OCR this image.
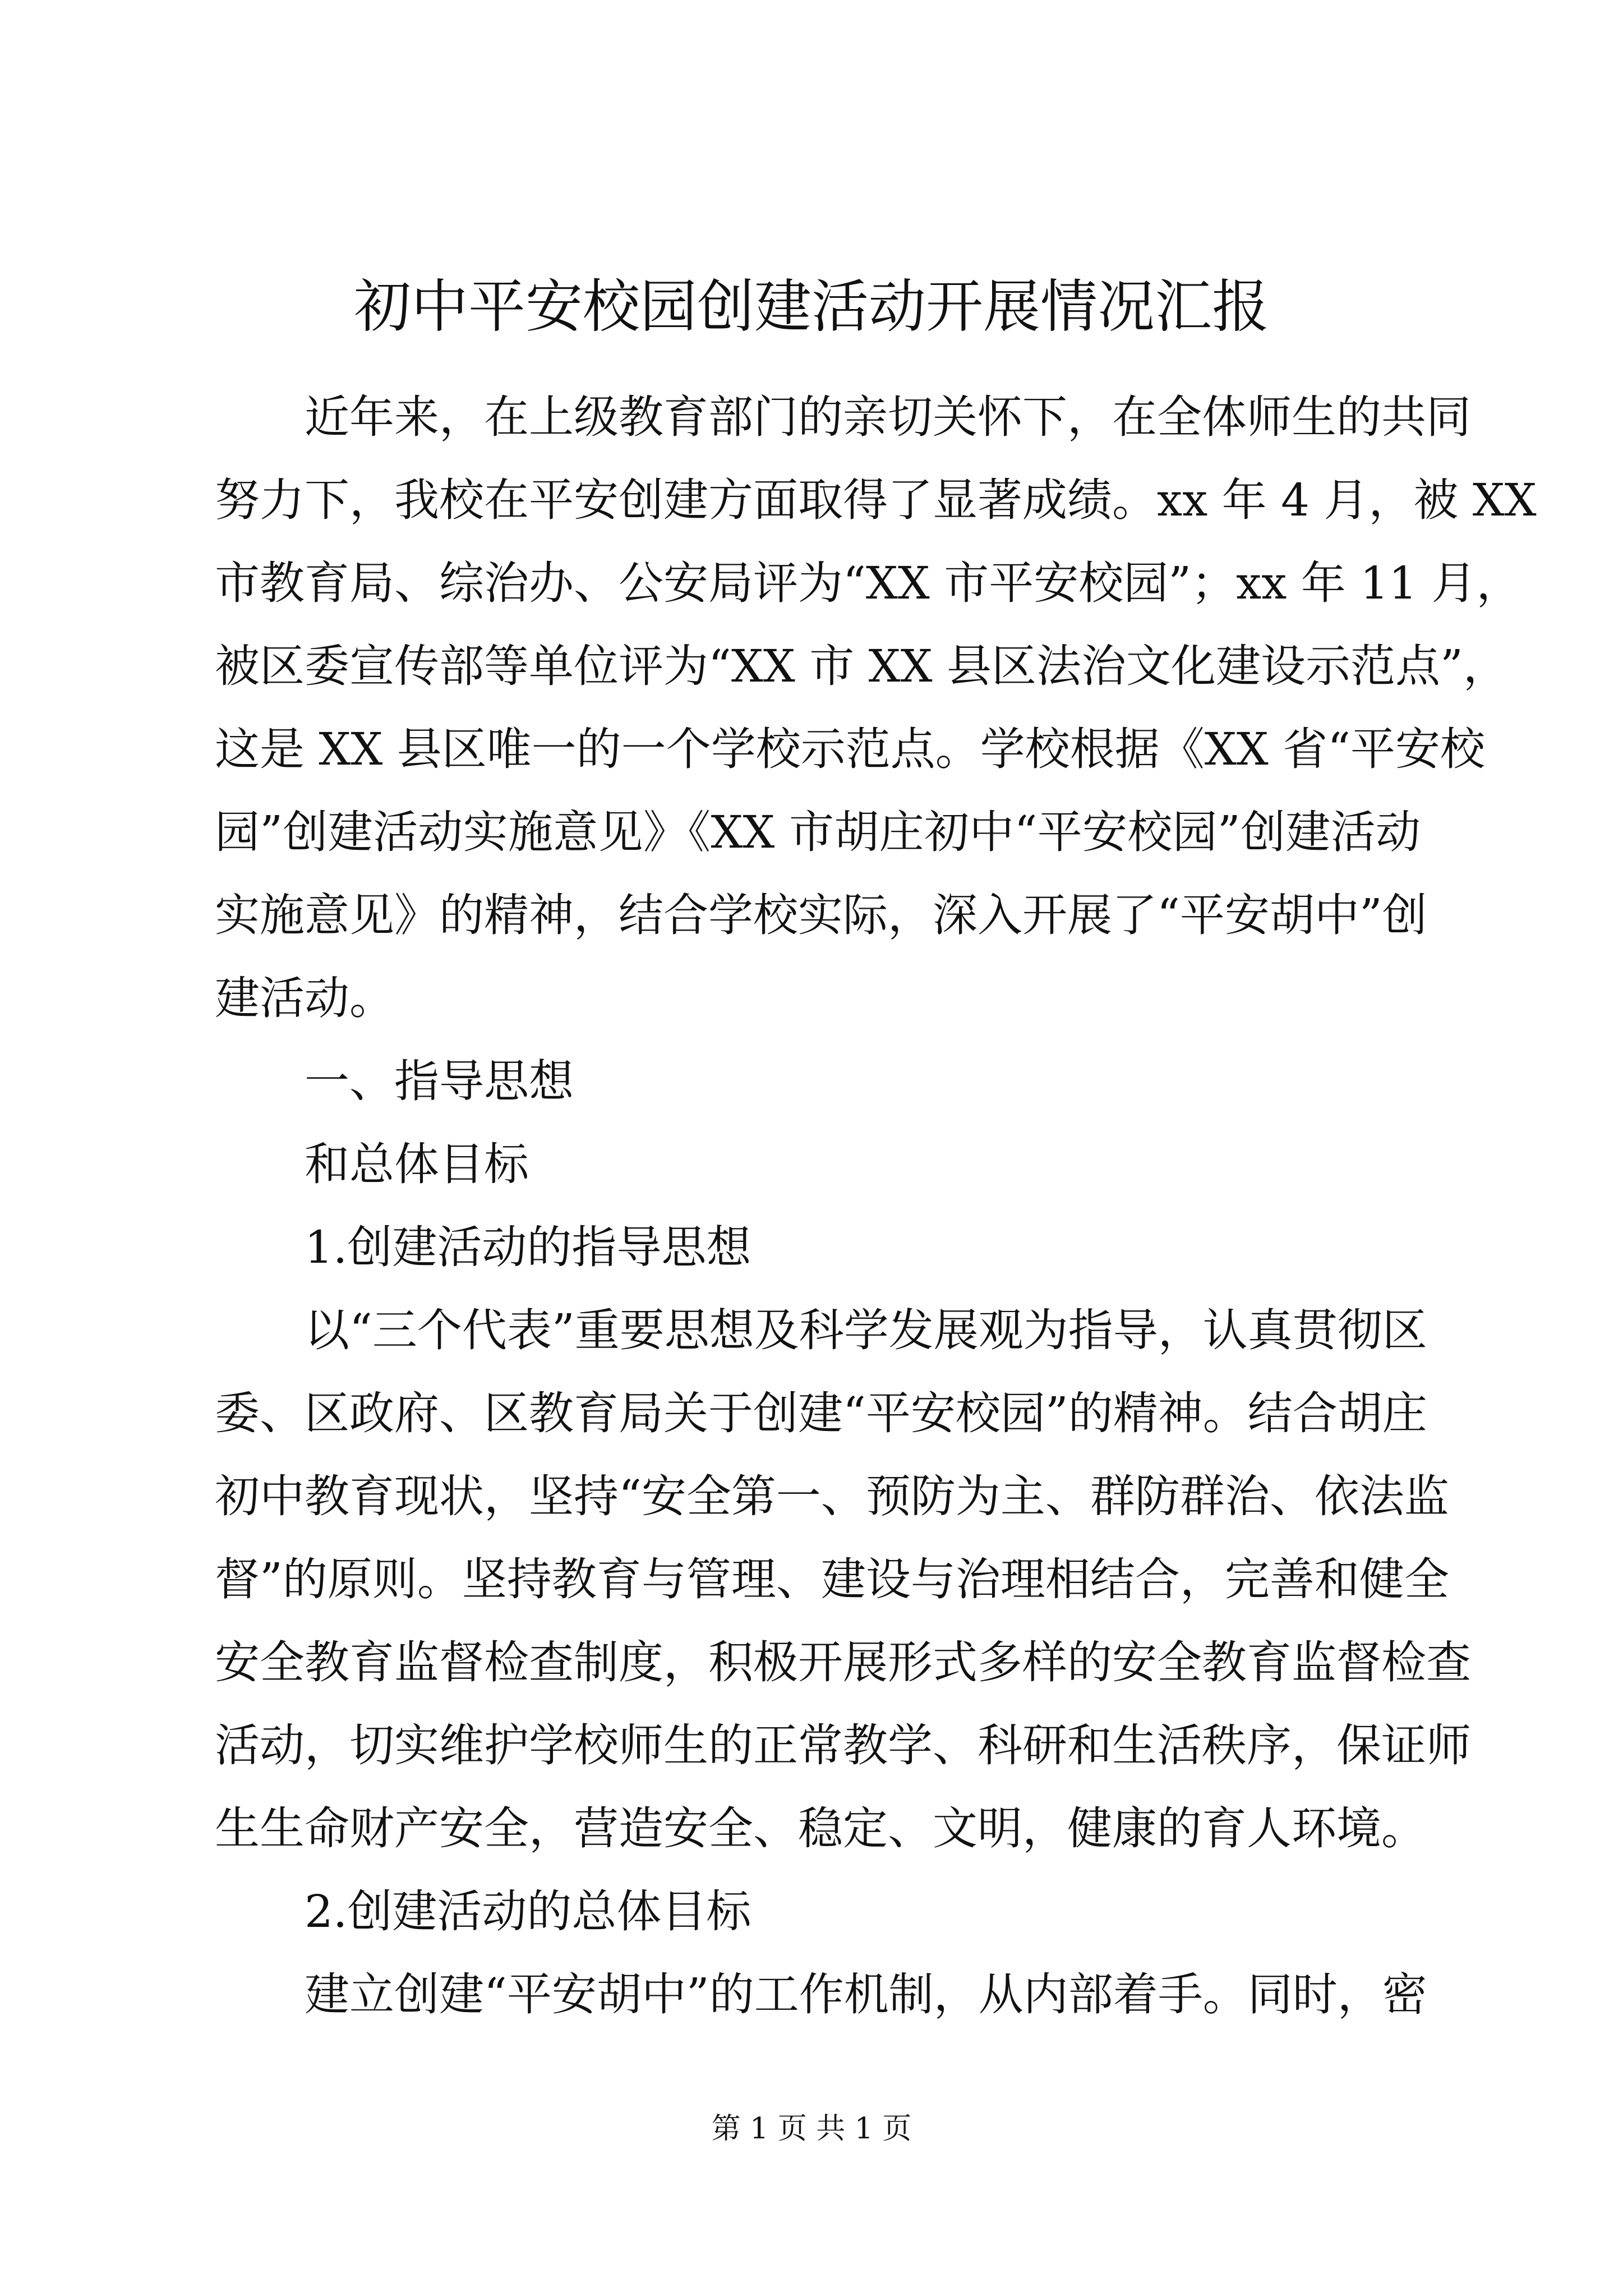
初中平安校园创建活动开展情况汇报
近年来，在上级教育部门的亲切关怀下，在全体师生的共同
努力下，我校在平安创建方面取得了显著成绩。xx 年 4 月，被 XX
市教育局、综治办、公安局评为“XX 市平安校园”；xx 年 11 月，
被区委宣传部等单位评为“XX 市 XX 县区法治文化建设示范点”，
这是 XX 县区唯一的一个学校示范点。学校根据《XX 省“平安校
园”创建活动实施意见》《XX 市胡庄初中“平安校园”创建活动
实施意见》的精神，结合学校实际，深入开展了“平安胡中”创
建活动。
一、指导思想
和总体目标
1.创建活动的指导思想
以“三个代表”重要思想及科学发展观为指导，认真贯彻区
委、区政府、区教育局关于创建“平安校园”的精神。结合胡庄
初中教育现状，坚持“安全第一、预防为主、群防群治、依法监
督”的原则。坚持教育与管理、建设与治理相结合，完善和健全
安全教育监督检查制度，积极开展形式多样的安全教育监督检查
活动，切实维护学校师生的正常教学、科研和生活秩序，保证师
生生命财产安全，营造安全、稳定、文明，健康的育人环境。
2.创建活动的总体目标
建立创建“平安胡中”的工作机制，从内部着手。同时，密
第 1 页 共 1 页
